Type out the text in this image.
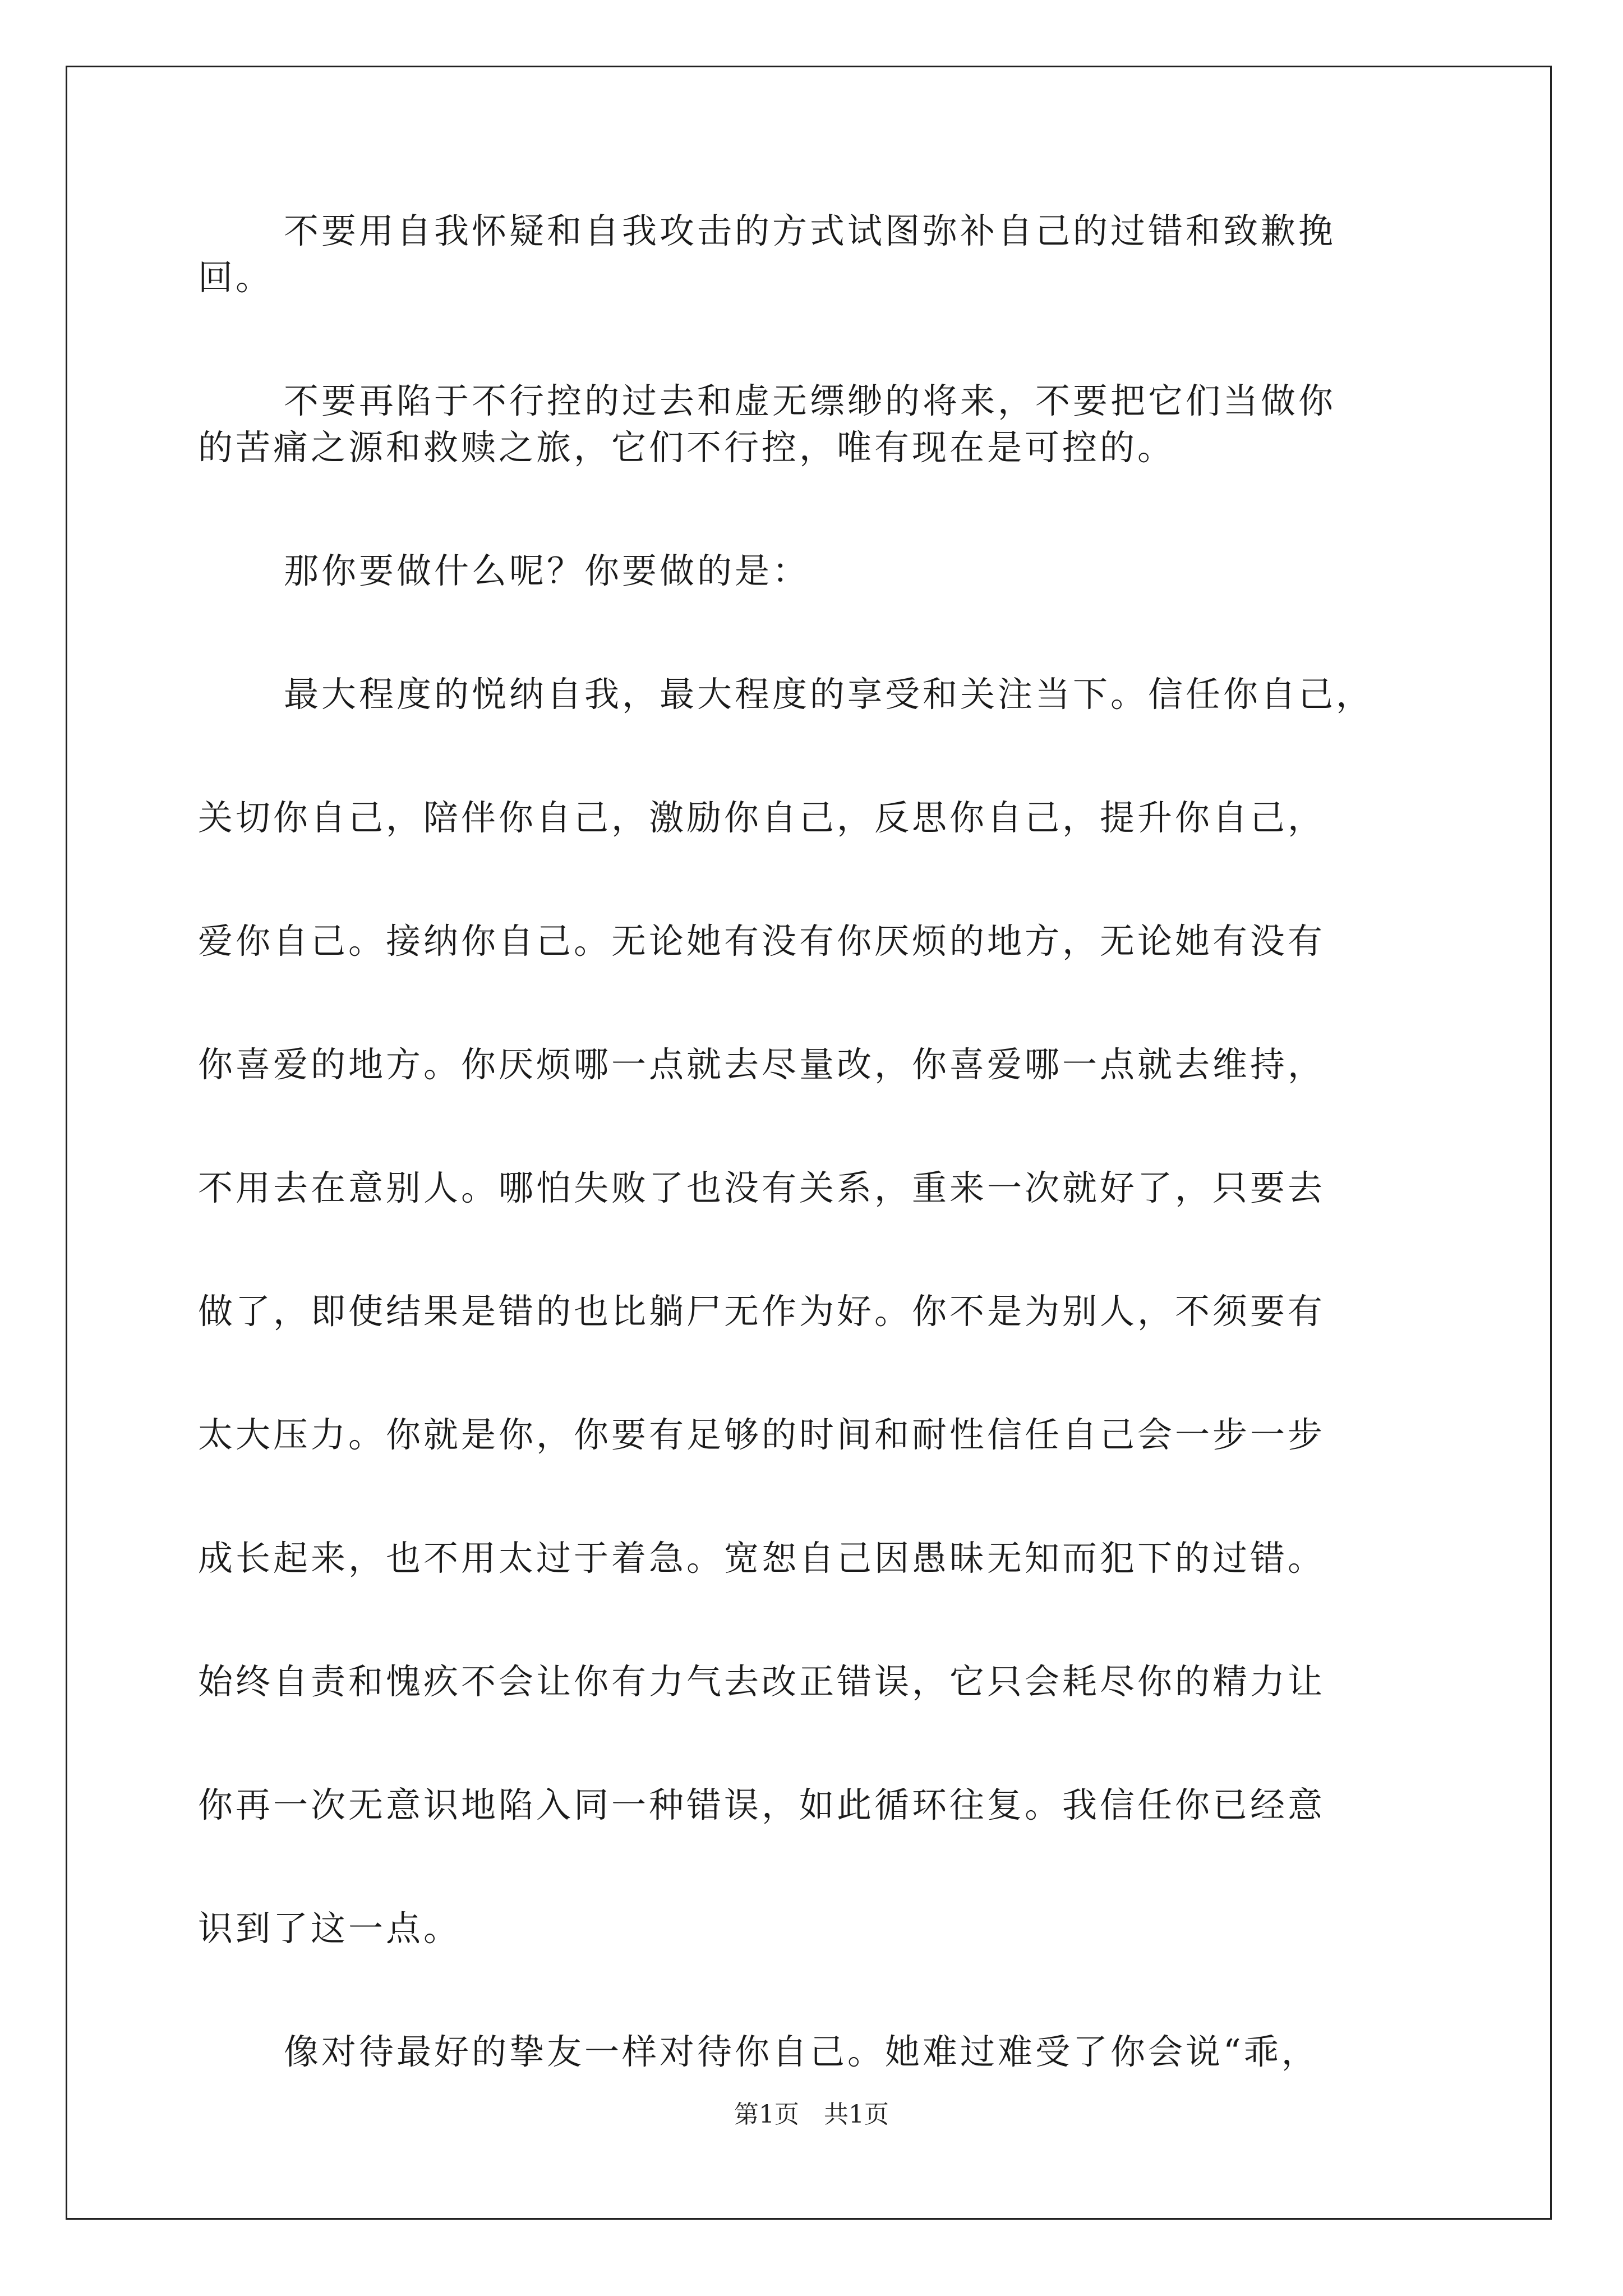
不要用自我怀疑和自我攻击的方式试图弥补自己的过错和致歉挽
回。
不要再陷于不行控的过去和虚无缥缈的将来，不要把它们当做你
的苦痛之源和救赎之旅，它们不行控，唯有现在是可控的。
那你要做什么呢？你要做的是：
最大程度的悦纳自我，最大程度的享受和关注当下。信任你自己，
关切你自己，陪伴你自己，激励你自己，反思你自己，提升你自己，
爱你自己。接纳你自己。无论她有没有你厌烦的地方，无论她有没有
你喜爱的地方。你厌烦哪一点就去尽量改，你喜爱哪一点就去维持，
不用去在意别人。哪怕失败了也没有关系，重来一次就好了，只要去
做了，即使结果是错的也比躺尸无作为好。你不是为别人，不须要有
太大压力。你就是你，你要有足够的时间和耐性信任自己会一步一步
成长起来，也不用太过于着急。宽恕自己因愚昧无知而犯下的过错。
始终自责和愧疚不会让你有力气去改正错误，它只会耗尽你的精力让
你再一次无意识地陷入同一种错误，如此循环往复。我信任你已经意
识到了这一点。
像对待最好的挚友一样对待你自己。她难过难受了你会说“乖，
第1页　共1页
